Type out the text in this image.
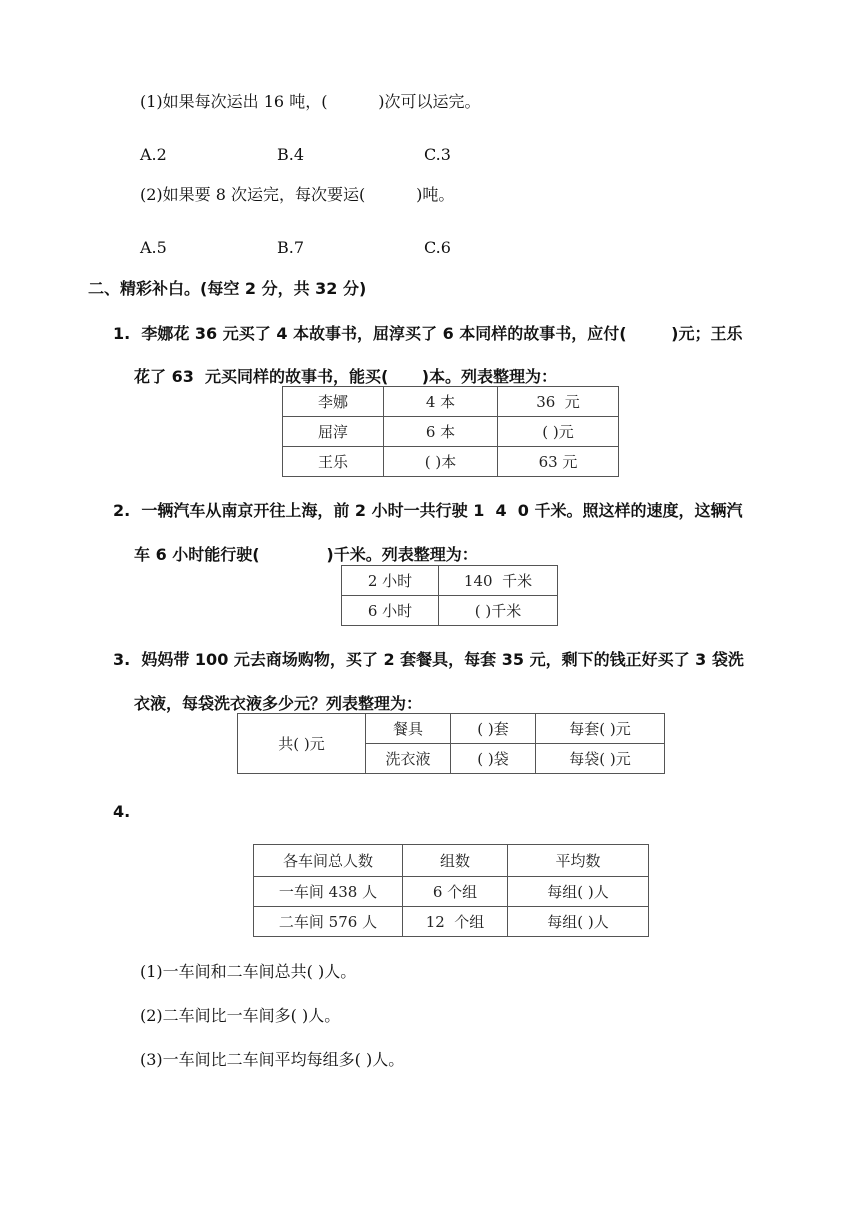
(1)如果每次运出 16 吨，(          )次可以运完。
A.2	B.4	C.3
(2)如果要 8 次运完，每次要运(          )吨。
A.5	B.7	C.6
二、精彩补白。(每空 2 分，共 32 分)
1.  李娜花 36 元买了 4 本故事书，屈淳买了 6 本同样的故事书，应付(        )元；王乐
花了 63  元买同样的故事书，能买(      )本。列表整理为：
李娜	4 本	36  元
屈淳	6 本	( )元
王乐	( )本	63 元
2.  一辆汽车从南京开往上海，前 2 小时一共行驶 1  4  0 千米。照这样的速度，这辆汽
车 6 小时能行驶(            )千米。列表整理为：
2 小时	140  千米
6 小时	( )千米
3.  妈妈带 100 元去商场购物，买了 2 套餐具，每套 35 元，剩下的钱正好买了 3 袋洗
衣液，每袋洗衣液多少元？列表整理为：
共( )元	餐具	( )套	每套( )元
	洗衣液	( )袋	每袋( )元
4.
各车间总人数	组数	平均数
一车间 438 人	6 个组	每组( )人
二车间 576 人	12  个组	每组( )人
(1)一车间和二车间总共( )人。
(2)二车间比一车间多( )人。
(3)一车间比二车间平均每组多( )人。
